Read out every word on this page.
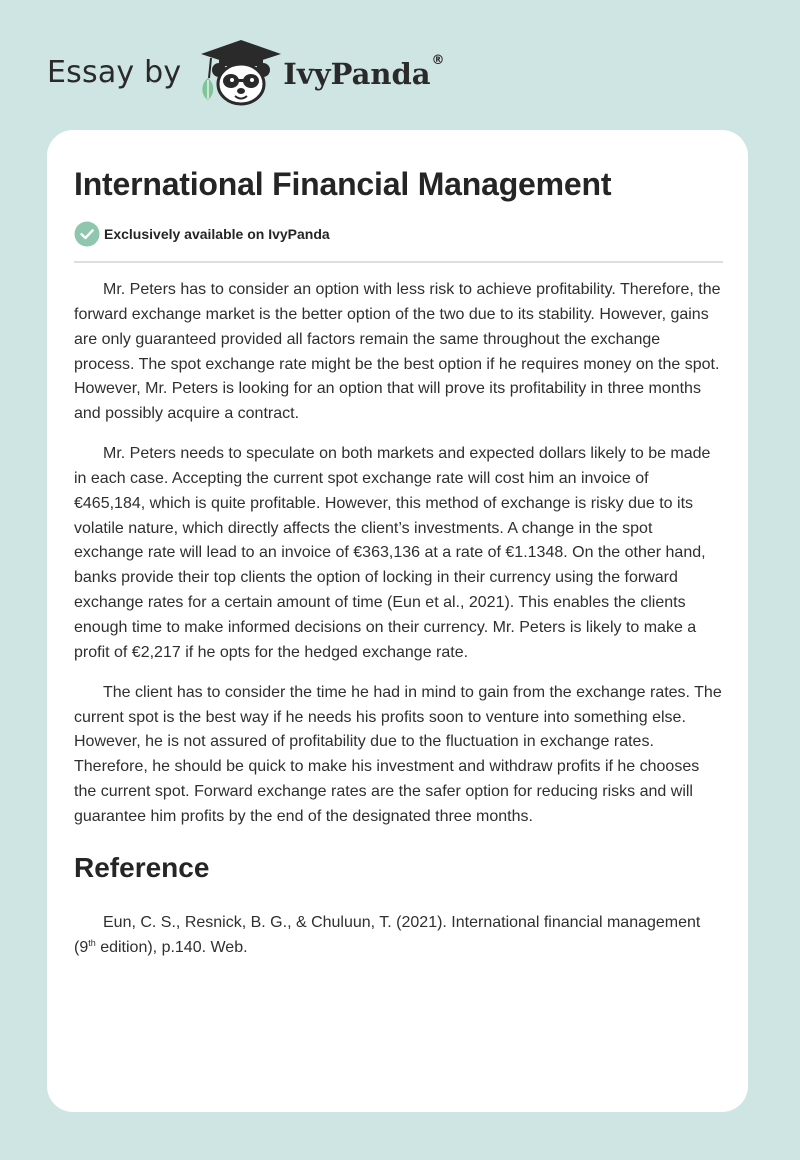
Essay by	IvyPanda®
International Financial Management
Exclusively available on IvyPanda

Mr. Peters has to consider an option with less risk to achieve profitability. Therefore, the forward exchange market is the better option of the two due to its stability. However, gains are only guaranteed provided all factors remain the same throughout the exchange process. The spot exchange rate might be the best option if he requires money on the spot. However, Mr. Peters is looking for an option that will prove its profitability in three months and possibly acquire a contract.

Mr. Peters needs to speculate on both markets and expected dollars likely to be made in each case. Accepting the current spot exchange rate will cost him an invoice of €465,184, which is quite profitable. However, this method of exchange is risky due to its volatile nature, which directly affects the client’s investments. A change in the spot exchange rate will lead to an invoice of €363,136 at a rate of €1.1348. On the other hand, banks provide their top clients the option of locking in their currency using the forward exchange rates for a certain amount of time (Eun et al., 2021). This enables the clients enough time to make informed decisions on their currency. Mr. Peters is likely to make a profit of €2,217 if he opts for the hedged exchange rate.

The client has to consider the time he had in mind to gain from the exchange rates. The current spot is the best way if he needs his profits soon to venture into something else. However, he is not assured of profitability due to the fluctuation in exchange rates. Therefore, he should be quick to make his investment and withdraw profits if he chooses the current spot. Forward exchange rates are the safer option for reducing risks and will guarantee him profits by the end of the designated three months.

Reference

Eun, C. S., Resnick, B. G., & Chuluun, T. (2021). International financial management (9th edition), p.140. Web.
